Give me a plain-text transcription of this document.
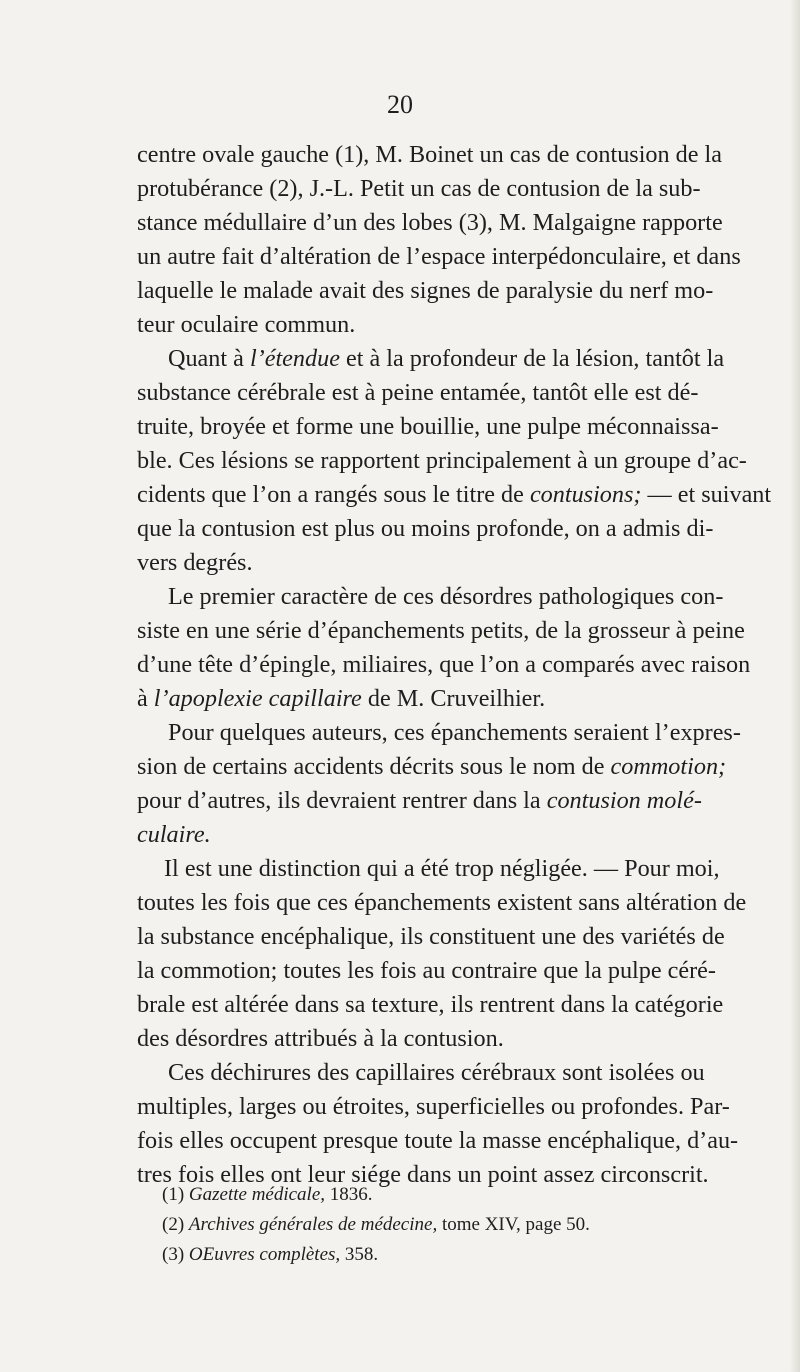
20
centre ovale gauche (1), M. Boinet un cas de contusion de la
protubérance (2), J.-L. Petit un cas de contusion de la sub-
stance médullaire d’un des lobes (3), M. Malgaigne rapporte
un autre fait d’altération de l’espace interpédonculaire, et dans
laquelle le malade avait des signes de paralysie du nerf mo-
teur oculaire commun.
Quant à l’étendue et à la profondeur de la lésion, tantôt la
substance cérébrale est à peine entamée, tantôt elle est dé-
truite, broyée et forme une bouillie, une pulpe méconnaissa-
ble. Ces lésions se rapportent principalement à un groupe d’ac-
cidents que l’on a rangés sous le titre de contusions; — et suivant
que la contusion est plus ou moins profonde, on a admis di-
vers degrés.
Le premier caractère de ces désordres pathologiques con-
siste en une série d’épanchements petits, de la grosseur à peine
d’une tête d’épingle, miliaires, que l’on a comparés avec raison
à l’apoplexie capillaire de M. Cruveilhier.
Pour quelques auteurs, ces épanchements seraient l’expres-
sion de certains accidents décrits sous le nom de commotion;
pour d’autres, ils devraient rentrer dans la contusion molé-
culaire.
Il est une distinction qui a été trop négligée. — Pour moi,
toutes les fois que ces épanchements existent sans altération de
la substance encéphalique, ils constituent une des variétés de
la commotion; toutes les fois au contraire que la pulpe céré-
brale est altérée dans sa texture, ils rentrent dans la catégorie
des désordres attribués à la contusion.
Ces déchirures des capillaires cérébraux sont isolées ou
multiples, larges ou étroites, superficielles ou profondes. Par-
fois elles occupent presque toute la masse encéphalique, d’au-
tres fois elles ont leur siége dans un point assez circonscrit.
(1) Gazette médicale, 1836.
(2) Archives générales de médecine, tome XIV, page 50.
(3) OEuvres complètes, 358.
